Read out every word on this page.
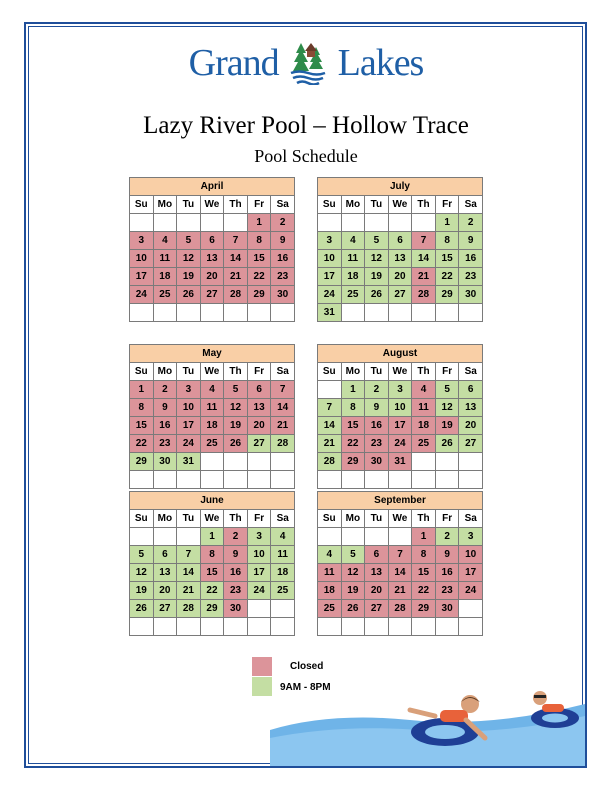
Grand Lakes
Lazy River Pool – Hollow Trace
Pool Schedule
April						
Su	Mo	Tu	We	Th	Fr	Sa
					1	2
3	4	5	6	7	8	9
10	11	12	13	14	15	16
17	18	19	20	21	22	23
24	25	26	27	28	29	30

July						
Su	Mo	Tu	We	Th	Fr	Sa
					1	2
3	4	5	6	7	8	9
10	11	12	13	14	15	16
17	18	19	20	21	22	23
24	25	26	27	28	29	30
31						
May						
Su	Mo	Tu	We	Th	Fr	Sa
1	2	3	4	5	6	7
8	9	10	11	12	13	14
15	16	17	18	19	20	21
22	23	24	25	26	27	28
29	30	31				

August						
Su	Mo	Tu	We	Th	Fr	Sa
	1	2	3	4	5	6
7	8	9	10	11	12	13
14	15	16	17	18	19	20
21	22	23	24	25	26	27
28	29	30	31			

June						
Su	Mo	Tu	We	Th	Fr	Sa
			1	2	3	4
5	6	7	8	9	10	11
12	13	14	15	16	17	18
19	20	21	22	23	24	25
26	27	28	29	30		

September						
Su	Mo	Tu	We	Th	Fr	Sa
				1	2	3
4	5	6	7	8	9	10
11	12	13	14	15	16	17
18	19	20	21	22	23	24
25	26	27	28	29	30	

Closed
9AM - 8PM
